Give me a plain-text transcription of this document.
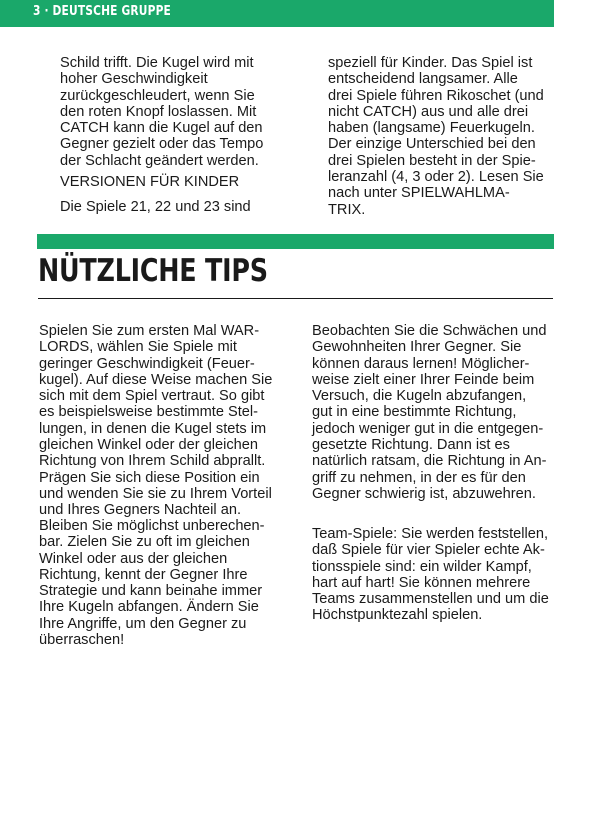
3 · DEUTSCHE GRUPPE
Schild trifft. Die Kugel wird mit
hoher Geschwindigkeit
zurückgeschleudert, wenn Sie
den roten Knopf loslassen. Mit
CATCH kann die Kugel auf den
Gegner gezielt oder das Tempo
der Schlacht geändert werden.
VERSIONEN FÜR KINDER
Die Spiele 21, 22 und 23 sind
speziell für Kinder. Das Spiel ist
entscheidend langsamer. Alle
drei Spiele führen Rikoschet (und
nicht CATCH) aus und alle drei
haben (langsame) Feuerkugeln.
Der einzige Unterschied bei den
drei Spielen besteht in der Spie-
leranzahl (4, 3 oder 2). Lesen Sie
nach unter SPIELWAHLMA-
TRIX.
NÜTZLICHE TIPS
Spielen Sie zum ersten Mal WAR-
LORDS, wählen Sie Spiele mit
geringer Geschwindigkeit (Feuer-
kugel). Auf diese Weise machen Sie
sich mit dem Spiel vertraut. So gibt
es beispielsweise bestimmte Stel-
lungen, in denen die Kugel stets im
gleichen Winkel oder der gleichen
Richtung von Ihrem Schild abprallt.
Prägen Sie sich diese Position ein
und wenden Sie sie zu Ihrem Vorteil
und Ihres Gegners Nachteil an.
Bleiben Sie möglichst unberechen-
bar. Zielen Sie zu oft im gleichen
Winkel oder aus der gleichen
Richtung, kennt der Gegner Ihre
Strategie und kann beinahe immer
Ihre Kugeln abfangen. Ändern Sie
Ihre Angriffe, um den Gegner zu
überraschen!
Beobachten Sie die Schwächen und
Gewohnheiten Ihrer Gegner. Sie
können daraus lernen! Möglicher-
weise zielt einer Ihrer Feinde beim
Versuch, die Kugeln abzufangen,
gut in eine bestimmte Richtung,
jedoch weniger gut in die entgegen-
gesetzte Richtung. Dann ist es
natürlich ratsam, die Richtung in An-
griff zu nehmen, in der es für den
Gegner schwierig ist, abzuwehren.
Team-Spiele: Sie werden feststellen,
daß Spiele für vier Spieler echte Ak-
tionsspiele sind: ein wilder Kampf,
hart auf hart! Sie können mehrere
Teams zusammenstellen und um die
Höchstpunktezahl spielen.
